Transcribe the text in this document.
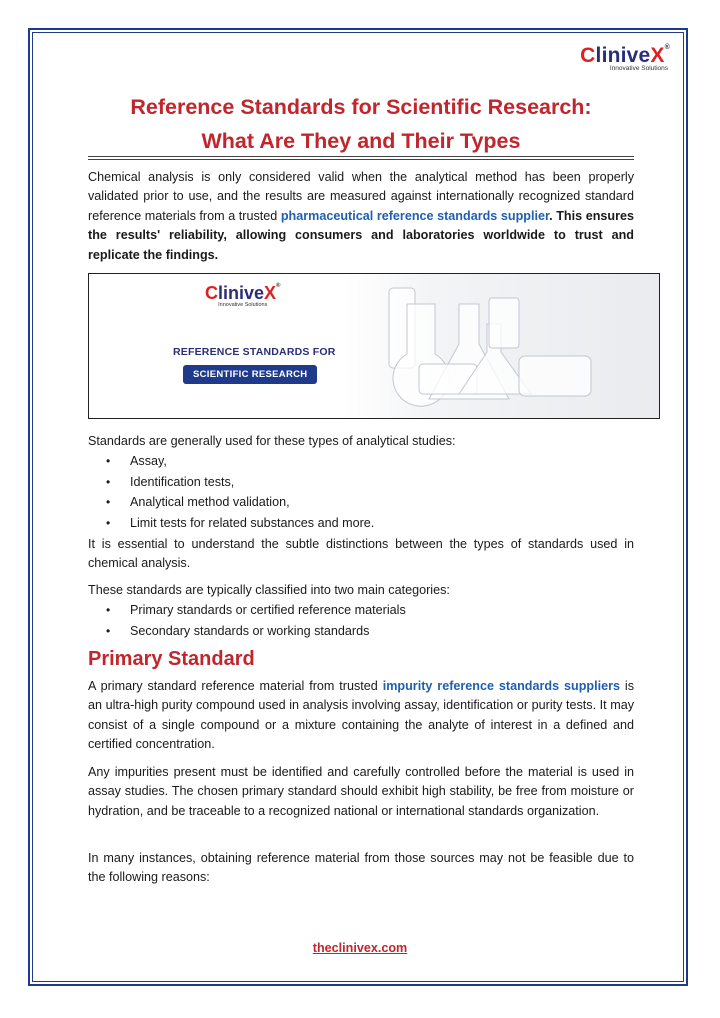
CliniveX®
Innovative Solutions
Reference Standards for Scientific Research:
What Are They and Their Types

Chemical analysis is only considered valid when the analytical method has been properly validated prior to use, and the results are measured against internationally recognized standard reference materials from a trusted pharmaceutical reference standards supplier. This ensures the results' reliability, allowing consumers and laboratories worldwide to trust and replicate the findings.

CliniveX®
Innovative Solutions
REFERENCE STANDARDS FOR
SCIENTIFIC RESEARCH

Standards are generally used for these types of analytical studies:

• Assay,
• Identification tests,
• Analytical method validation,
• Limit tests for related substances and more.

It is essential to understand the subtle distinctions between the types of standards used in chemical analysis.

These standards are typically classified into two main categories:

• Primary standards or certified reference materials
• Secondary standards or working standards
Primary Standard

A primary standard reference material from trusted impurity reference standards suppliers is an ultra-high purity compound used in analysis involving assay, identification or purity tests. It may consist of a single compound or a mixture containing the analyte of interest in a defined and certified concentration.

Any impurities present must be identified and carefully controlled before the material is used in assay studies. The chosen primary standard should exhibit high stability, be free from moisture or hydration, and be traceable to a recognized national or international standards organization.

In many instances, obtaining reference material from those sources may not be feasible due to the following reasons:

theclinivex.com
